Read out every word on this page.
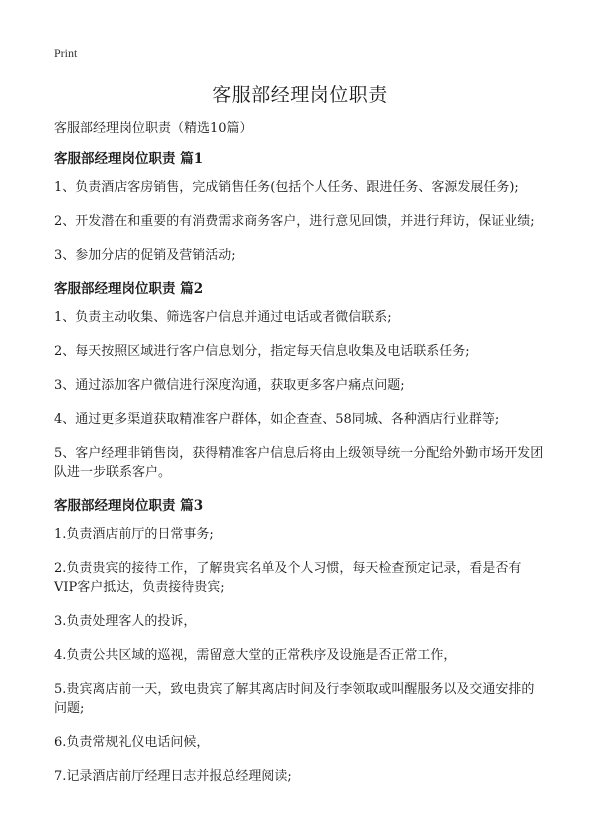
Print
客服部经理岗位职责

客服部经理岗位职责（精选10篇）

客服部经理岗位职责 篇1

1、负责酒店客房销售，完成销售任务(包括个人任务、跟进任务、客源发展任务);

2、开发潜在和重要的有消费需求商务客户，进行意见回馈，并进行拜访，保证业绩;

3、参加分店的促销及营销活动;

客服部经理岗位职责 篇2

1、负责主动收集、筛选客户信息并通过电话或者微信联系;

2、每天按照区域进行客户信息划分，指定每天信息收集及电话联系任务;

3、通过添加客户微信进行深度沟通，获取更多客户痛点问题;

4、通过更多渠道获取精准客户群体，如企查查、58同城、各种酒店行业群等;

5、客户经理非销售岗，获得精准客户信息后将由上级领导统一分配给外勤市场开发团队进一步联系客户。

客服部经理岗位职责 篇3

1.负责酒店前厅的日常事务;

2.负责贵宾的接待工作，了解贵宾名单及个人习惯，每天检查预定记录，看是否有VIP客户抵达，负责接待贵宾;

3.负责处理客人的投诉，

4.负责公共区域的巡视，需留意大堂的正常秩序及设施是否正常工作，

5.贵宾离店前一天，致电贵宾了解其离店时间及行李领取或叫醒服务以及交通安排的问题;

6.负责常规礼仪电话问候，

7.记录酒店前厅经理日志并报总经理阅读;
